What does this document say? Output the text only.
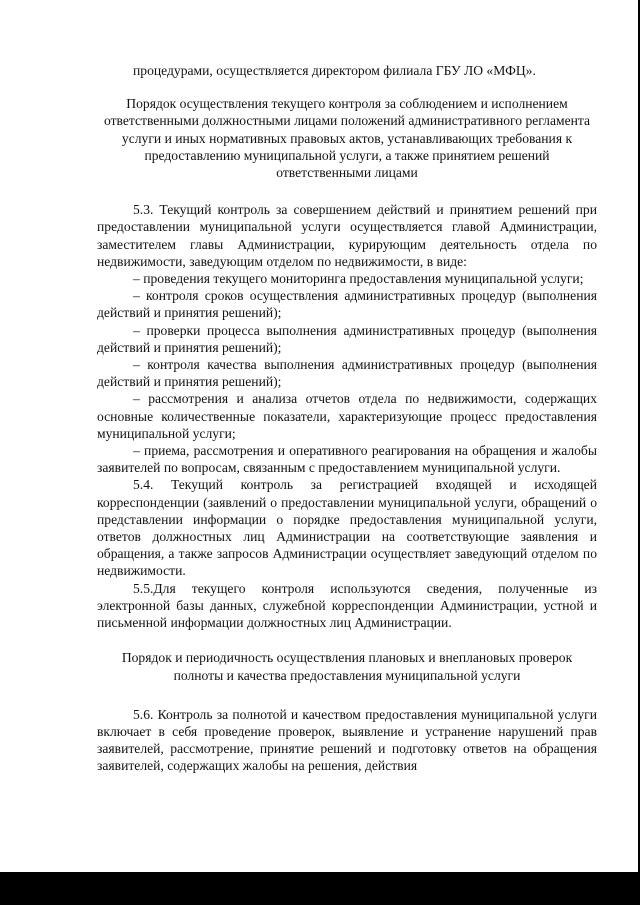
процедурами, осуществляется директором филиала ГБУ ЛО «МФЦ».

Порядок осуществления текущего контроля за соблюдением и исполнением ответственными должностными лицами положений административного регламента услуги и иных нормативных правовых актов, устанавливающих требования к предоставлению муниципальной услуги, а также принятием решений ответственными лицами

5.3. Текущий контроль за совершением действий и принятием решений при предоставлении муниципальной услуги осуществляется главой Администрации, заместителем главы Администрации, курирующим деятельность отдела по недвижимости, заведующим отделом по недвижимости, в виде:

– проведения текущего мониторинга предоставления муниципальной услуги;

– контроля сроков осуществления административных процедур (выполнения действий и принятия решений);

– проверки процесса выполнения административных процедур (выполнения действий и принятия решений);

– контроля качества выполнения административных процедур (выполнения действий и принятия решений);

– рассмотрения и анализа отчетов отдела по недвижимости, содержащих основные количественные показатели, характеризующие процесс предоставления муниципальной услуги;

– приема, рассмотрения и оперативного реагирования на обращения и жалобы заявителей по вопросам, связанным с предоставлением муниципальной услуги.

5.4. Текущий контроль за регистрацией входящей и исходящей корреспонденции (заявлений о предоставлении муниципальной услуги, обращений о представлении информации о порядке предоставления муниципальной услуги, ответов должностных лиц Администрации на соответствующие заявления и обращения, а также запросов Администрации осуществляет заведующий отделом по недвижимости.

5.5.Для текущего контроля используются сведения, полученные из электронной базы данных, служебной корреспонденции Администрации, устной и письменной информации должностных лиц Администрации.

Порядок и периодичность осуществления плановых и внеплановых проверок полноты и качества предоставления муниципальной услуги

5.6. Контроль за полнотой и качеством предоставления муниципальной услуги включает в себя проведение проверок, выявление и устранение нарушений прав заявителей, рассмотрение, принятие решений и подготовку ответов на обращения заявителей, содержащих жалобы на решения, действия
